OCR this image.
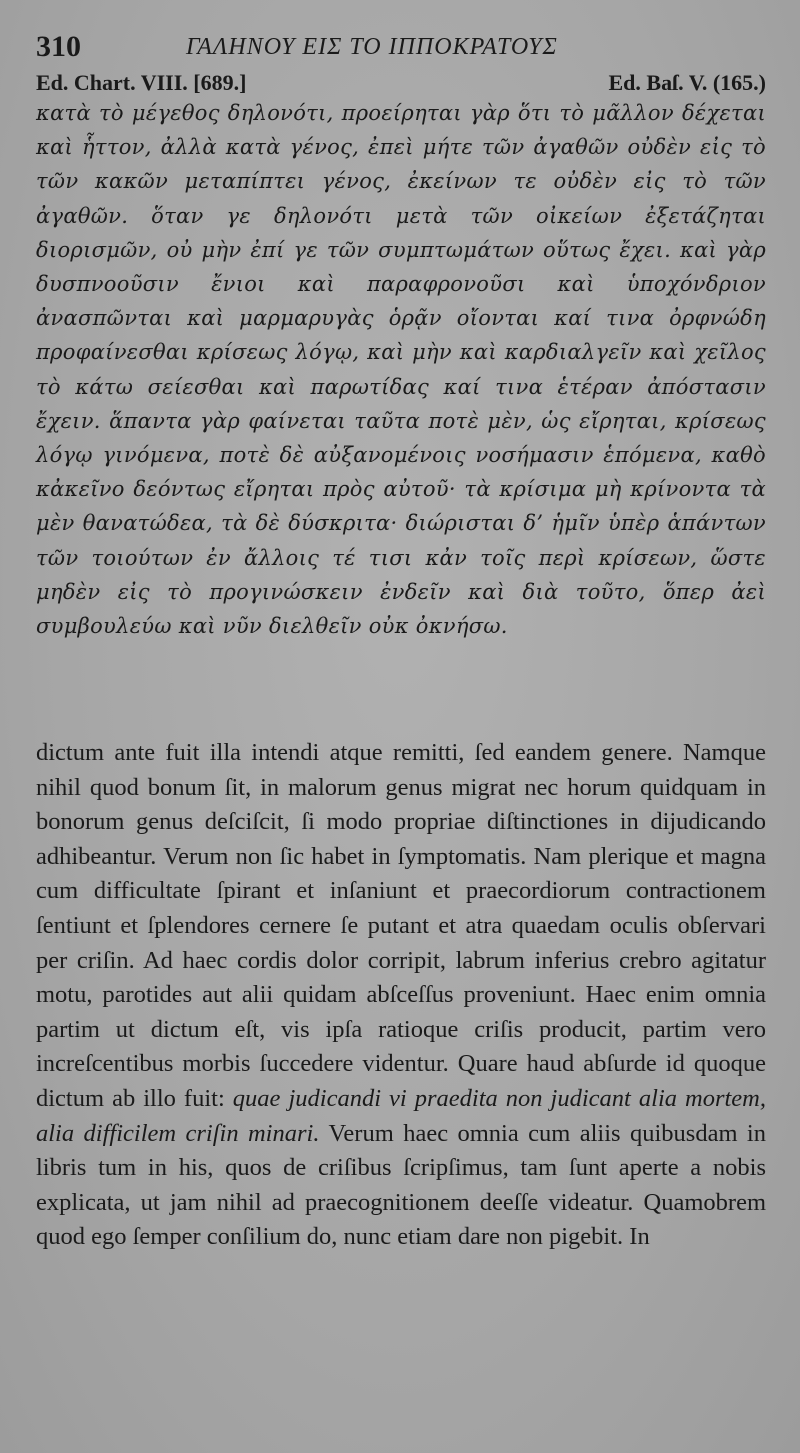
310	ΓΑΛΗΝΟΥ ΕΙΣ ΤΟ ΙΠΠΟΚΡΑΤΟΥΣ
Ed. Chart. VIII. [689.]	Ed. Baſ. V. (165.)

κατὰ τὸ μέγεθος δηλονότι, προείρηται γὰρ ὅτι τὸ μᾶλλον δέχεται καὶ ἧττον, ἀλλὰ κατὰ γένος, ἐπεὶ μήτε τῶν ἀγαθῶν οὐδὲν εἰς τὸ τῶν κακῶν μεταπίπτει γένος, ἐκείνων τε οὐδὲν εἰς τὸ τῶν ἀγαθῶν. ὅταν γε δηλονότι μετὰ τῶν οἰκείων ἐξετάζηται διορισμῶν, οὐ μὴν ἐπί γε τῶν συμπτωμάτων οὕτως ἔχει. καὶ γὰρ δυσπνοοῦσιν ἔνιοι καὶ παραφρονοῦσι καὶ ὑποχόνδριον ἀνασπῶνται καὶ μαρμαρυγὰς ὁρᾷν οἴονται καί τινα ὀρφνώδη προφαίνεσθαι κρίσεως λόγῳ, καὶ μὴν καὶ καρδιαλγεῖν καὶ χεῖλος τὸ κάτω σείεσθαι καὶ παρωτίδας καί τινα ἑτέραν ἀπόστασιν ἔχειν. ἅπαντα γὰρ φαίνεται ταῦτα ποτὲ μὲν, ὡς εἴρηται, κρίσεως λόγῳ γινόμενα, ποτὲ δὲ αὐξανομένοις νοσήμασιν ἑπόμενα, καθὸ κἀκεῖνο δεόντως εἴρηται πρὸς αὐτοῦ· τὰ κρίσιμα μὴ κρίνοντα τὰ μὲν θανατώδεα, τὰ δὲ δύσκριτα· διώρισται δ’ ἡμῖν ὑπὲρ ἁπάντων τῶν τοιούτων ἐν ἄλλοις τέ τισι κἀν τοῖς περὶ κρίσεων, ὥστε μηδὲν εἰς τὸ προγινώσκειν ἐνδεῖν καὶ διὰ τοῦτο, ὅπερ ἀεὶ συμβουλεύω καὶ νῦν διελθεῖν οὐκ ὀκνήσω.

dictum ante fuit illa intendi atque remitti, ſed eandem genere. Namque nihil quod bonum ſit, in malorum genus migrat nec horum quidquam in bonorum genus deſciſcit, ſi modo propriae diſtinctiones in dijudicando adhibeantur. Verum non ſic habet in ſymptomatis. Nam plerique et magna cum difficultate ſpirant et inſaniunt et praecordiorum contractionem ſentiunt et ſplendores cernere ſe putant et atra quaedam oculis obſervari per criſin. Ad haec cordis dolor corripit, labrum inferius crebro agitatur motu, parotides aut alii quidam abſceſſus proveniunt. Haec enim omnia partim ut dictum eſt, vis ipſa ratioque criſis producit, partim vero increſcentibus morbis ſuccedere videntur. Quare haud abſurde id quoque dictum ab illo fuit: quae judicandi vi praedita non judicant alia mortem, alia difficilem criſin minari. Verum haec omnia cum aliis quibusdam in libris tum in his, quos de criſibus ſcripſimus, tam ſunt aperte a nobis explicata, ut jam nihil ad praecognitionem deeſſe videatur. Quamobrem quod ego ſemper conſilium do, nunc etiam dare non pigebit. In
